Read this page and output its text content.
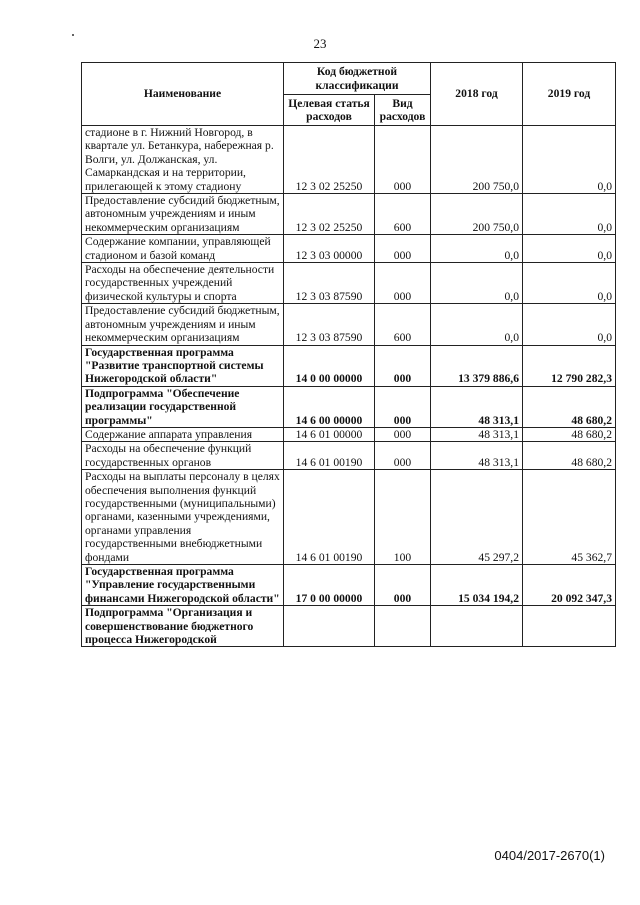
23
Наименование	Код бюджетной классификации		2018 год	2019 год
	Целевая статья расходов	Вид расходов		
стадионе в г. Нижний Новгород, в квартале ул. Бетанкура, набережная р. Волги, ул. Должанская, ул. Самаркандская и на территории, прилегающей к этому стадиону	12 3 02 25250	000	200 750,0	0,0
Предоставление субсидий бюджетным, автономным учреждениям и иным некоммерческим организациям	12 3 02 25250	600	200 750,0	0,0
Содержание компании, управляющей стадионом и базой команд	12 3 03 00000	000	0,0	0,0
Расходы на обеспечение деятельности государственных учреждений физической культуры и спорта	12 3 03 87590	000	0,0	0,0
Предоставление субсидий бюджетным, автономным учреждениям и иным некоммерческим организациям	12 3 03 87590	600	0,0	0,0
Государственная программа "Развитие транспортной системы Нижегородской области"	14 0 00 00000	000	13 379 886,6	12 790 282,3
Подпрограмма "Обеспечение реализации государственной программы"	14 6 00 00000	000	48 313,1	48 680,2
Содержание аппарата управления	14 6 01 00000	000	48 313,1	48 680,2
Расходы на обеспечение функций государственных органов	14 6 01 00190	000	48 313,1	48 680,2
Расходы на выплаты персоналу в целях обеспечения выполнения функций государственными (муниципальными) органами, казенными учреждениями, органами управления государственными внебюджетными фондами	14 6 01 00190	100	45 297,2	45 362,7
Государственная программа "Управление государственными финансами Нижегородской области"	17 0 00 00000	000	15 034 194,2	20 092 347,3
Подпрограмма "Организация и совершенствование бюджетного процесса Нижегородской				
0404/2017-2670(1)
